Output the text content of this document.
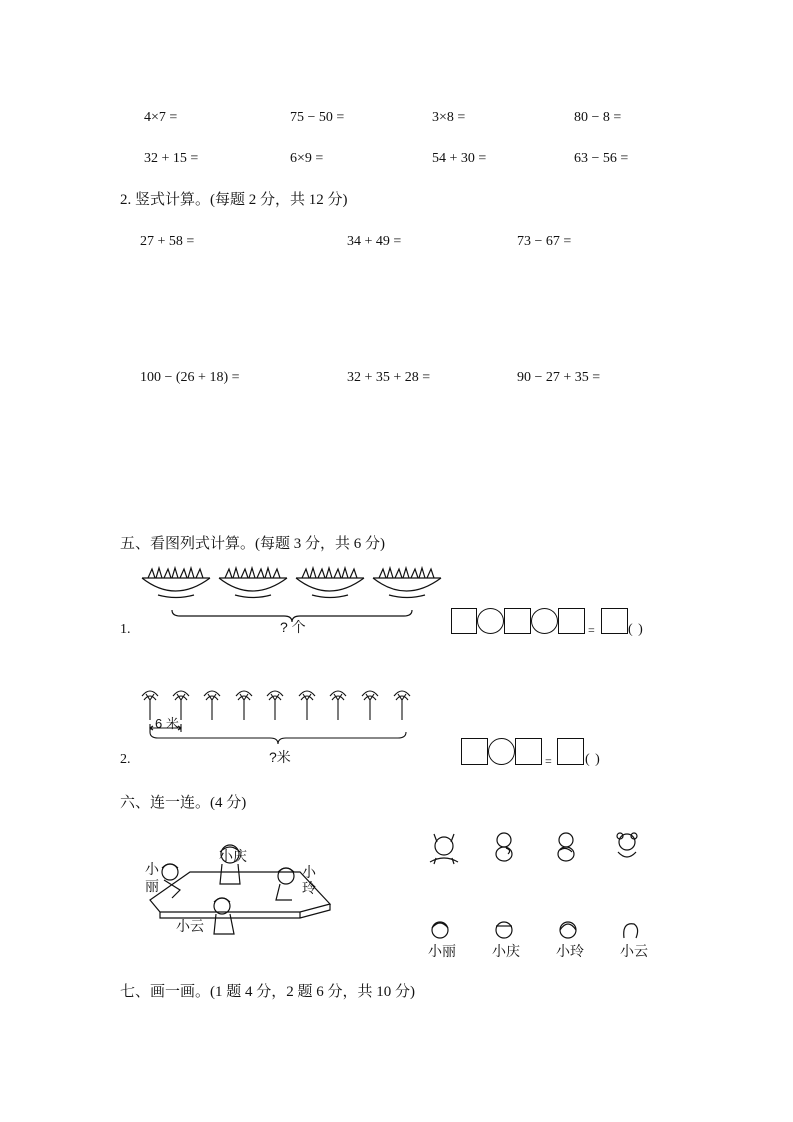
4×7 =	75 − 50 =	3×8 =	80 − 8 =
32 + 15 =	6×9 =	54 + 30 =	63 − 56 =
2. 竖式计算。(每题 2 分，共 12 分)
27 + 58 =	34 + 49 =	73 − 67 =
100 − (26 + 18) =	32 + 35 + 28 =	90 − 27 + 35 =
五、看图列式计算。(每题 3 分，共 6 分)
1.	? 个	= ( )
6 米
2.	?米	= ( )
六、连一连。(4 分)
小庆
小
丽
小
玲
小云
小丽	小庆	小玲	小云
七、画一画。(1 题 4 分，2 题 6 分，共 10 分)
